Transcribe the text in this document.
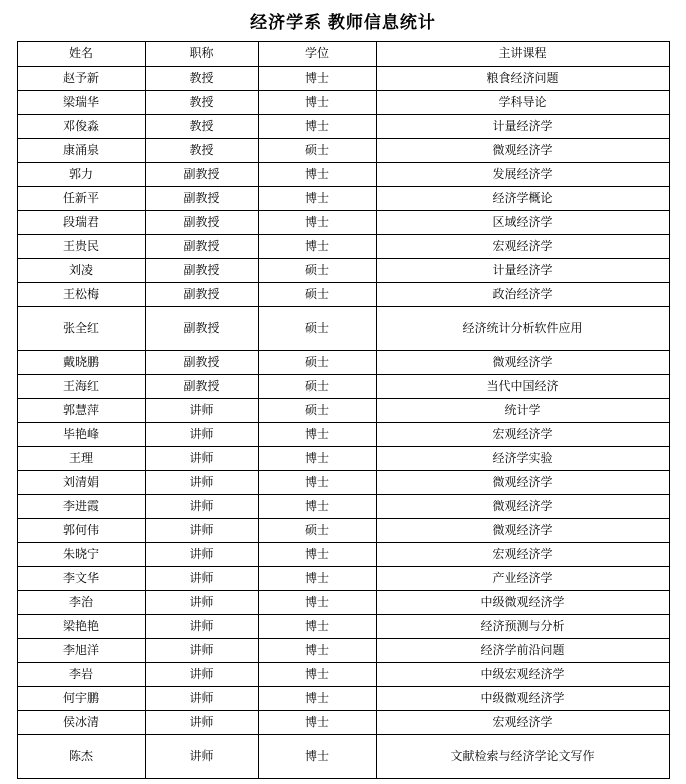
经济学系 教师信息统计
姓名	职称	学位	主讲课程
赵予新	教授	博士	粮食经济问题
梁瑞华	教授	博士	学科导论
邓俊淼	教授	博士	计量经济学
康涌泉	教授	硕士	微观经济学
郭力	副教授	博士	发展经济学
任新平	副教授	博士	经济学概论
段瑞君	副教授	博士	区域经济学
王贵民	副教授	博士	宏观经济学
刘凌	副教授	硕士	计量经济学
王松梅	副教授	硕士	政治经济学
张全红	副教授	硕士	经济统计分析软件应用
戴晓鹏	副教授	硕士	微观经济学
王海红	副教授	硕士	当代中国经济
郭慧萍	讲师	硕士	统计学
毕艳峰	讲师	博士	宏观经济学
王理	讲师	博士	经济学实验
刘清娟	讲师	博士	微观经济学
李进霞	讲师	博士	微观经济学
郭何伟	讲师	硕士	微观经济学
朱晓宁	讲师	博士	宏观经济学
李文华	讲师	博士	产业经济学
李治	讲师	博士	中级微观经济学
梁艳艳	讲师	博士	经济预测与分析
李旭洋	讲师	博士	经济学前沿问题
李岩	讲师	博士	中级宏观经济学
何宇鹏	讲师	博士	中级微观经济学
侯冰清	讲师	博士	宏观经济学
陈杰	讲师	博士	文献检索与经济学论文写作
